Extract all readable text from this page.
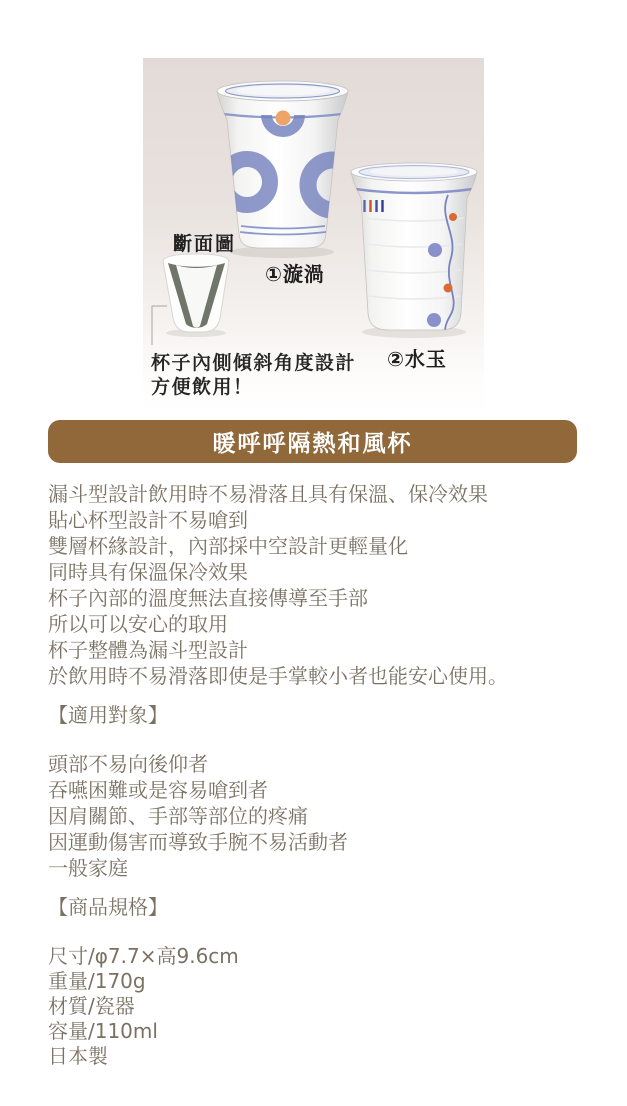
斷面圖
①漩渦
②水玉
杯子內側傾斜角度設計
方便飲用！
暖呼呼隔熱和風杯
漏斗型設計飲用時不易滑落且具有保溫、保冷效果
貼心杯型設計不易嗆到
雙層杯緣設計，內部採中空設計更輕量化
同時具有保溫保冷效果
杯子內部的溫度無法直接傳導至手部
所以可以安心的取用
杯子整體為漏斗型設計
於飲用時不易滑落即使是手掌較小者也能安心使用。
【適用對象】
頭部不易向後仰者
吞嚥困難或是容易嗆到者
因肩關節、手部等部位的疼痛
因運動傷害而導致手腕不易活動者
一般家庭
【商品規格】
尺寸/φ7.7×高9.6cm
重量/170g
材質/瓷器
容量/110ml
日本製
